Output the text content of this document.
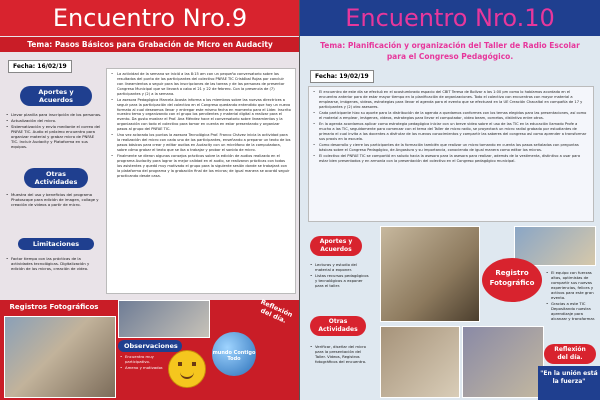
Encuentro Nro.9
Tema: Pasos Básicos para Grabación de Micro en Audacity
Fecha: 16/02/19

• La actividad de la semana se inició a las 8:15 am con un pequeño conversatorio sobre los resultados del punto de los participantes del colectivo PNFAE TIC Cristóbal Rojas por concluir con lineamientos a seguir para las inscripciones de las tareas y de las personas de presentar Congreso Municipal que se llevará a cabo el 21 y 22 de febrero. Con la presencia de (7) participantes y (2) a la semana.

• La asesora Pedagógica Marcela Acosta informa a los miembros sobre las nuevas directrices a seguir para la participación del colectivo en el Congreso quedando entendido que hay un nuevo formato al cual deseamos llevar y entregar este mismo fecha en momento para el Lider. Inscrito nuestro tema y organizando con el grupo los pendientes y material digital a realizar para el evento. Da gusto mostrar el Prof. Ana Méndez hace el conversatorio sobre lineamientos y la organización con todo el colectivo para tomar en cuenta en estar presentando y organizar pasos al grupo del PNFAE TIC.

• Una vez aclarado los puntos la asesora Tecnológica Prof. Franco Chávez inicia la actividad para la realización del micro con cada uno de los participantes, enseñando a preparar un texto de los pasos básicos para crear y editar audios en Audacity con un micrófono de la computadora, sobre cómo grabar el texto que se iba a trabajar y probar el sonido de micro.

• Finalmente se dieron algunas consejos prácticos sobre la edición de audios realizado en el programa Audacity para lograr la mejor calidad en el audio, se realizaron prácticas con todos los asistentes y quedó muy motivado el grupo para la siguiente sesión donde se trabajará con la plataforma del programa y la grabación final de los micros; de igual manera se acordó seguir practicando desde casa.

Aportes y Acuerdos
• Llevar planilla para inscripción de los personas.
• Actualización del micro.
• Sistematización y envío mediante el correo del PNFAE TIC. Audio el próximo encuentro para organizar material y grabar micro de PNFAE TIC. Incluir Audacity y Plataforma en sus equipos.
Otras Actividades
• Muestra del uso y beneficios del programa Photoscape para edición de imagen, collage y creación de videos a partir de micro.
Limitaciones
• Factor tiempo con las prácticas de la actividades tecnológicas. Digitalización y edición de los micros, creación de video.
Registros Fotográficos
Observaciones
• Encuentro muy participativo.
• Ameno y motivador.
mundo Contigo Todo
Reflexión del día.
Encuentro Nro.10
Tema: Planificación y organización del Taller de Radio Escolar para el Congreso Pedagógico.
Fecha: 19/02/19

• El encuentro de este día se efectuó en el acostumbrado espacio del CBIT Teresa de Bolívar a las 1:00 pm como lo habíamos acordado en el encuentro anterior para de estar mayor tiempo en la planificación de organizaciones. Todo el colectivo con encuentros con mayor material a emplearse, imágenes, videos, estrategias para llevar el agenda para el evento que se efectuará en la UE Creación Chacaítal en compañía de 17 y participantes y (2) otro asesores.

• Cada participante hizo su aporte para la distribución de la agenda a quedamos conformes con los temas elegidos para las presentaciones, así como el material a emplear, imágenes, videos, estrategias para llevar el computador, video beam, cornetas, distintivo entre otros.

• En la agenda acordamos aplicar como estrategia pedagógica iniciar con un breve video sobre el uso de las TIC en la educación llamado Profe a mucho a las TIC, seguidamente para comenzar con el tema del Taller de micro radio, se proyectará un micro radial grabado por estudiantes de primaria el cual invita a los docentes a disfrutar de los nuevos conocimientos y compartir las saberes del congreso así como aprender a transformar sus praxis en la escuela.

• Como desarrollo y cierre los participantes de la formación también que realizar un micro tomando en cuenta los pasos señalados con preguntas básicas sobre el Congreso Pedagógico, de Angostura y su importancia, conociendo de igual manera como editar los micros.

• El colectivo del PNFAE TIC se compartió en saludo hacia la asesora para la asesora para realizar, además de la vestimenta, distintivo a usar para estar bien presentados y en armonía con la presentación del colectivo en el Congreso pedagógico municipal.

Aportes y Acuerdos
• Lecturas y estudio del material a exponer.
• Listas recursos pedagógicos y tecnológicos a exponer para el taller.
Otras Actividades
• Verificar, diseñar del micro para la presentación del Taller. Videos, Registros fotográficos del encuentro.
Registro Fotográfico
• El equipo con fuerzas altas, optimistas de compartir sus nuevas experiencias, felices y activos para este gran evento.
• Gracias a este TIC Depositando nuestra aprendizaje para alcanzar y transformar.
Reflexión del día.
"En la unión está la fuerza"
